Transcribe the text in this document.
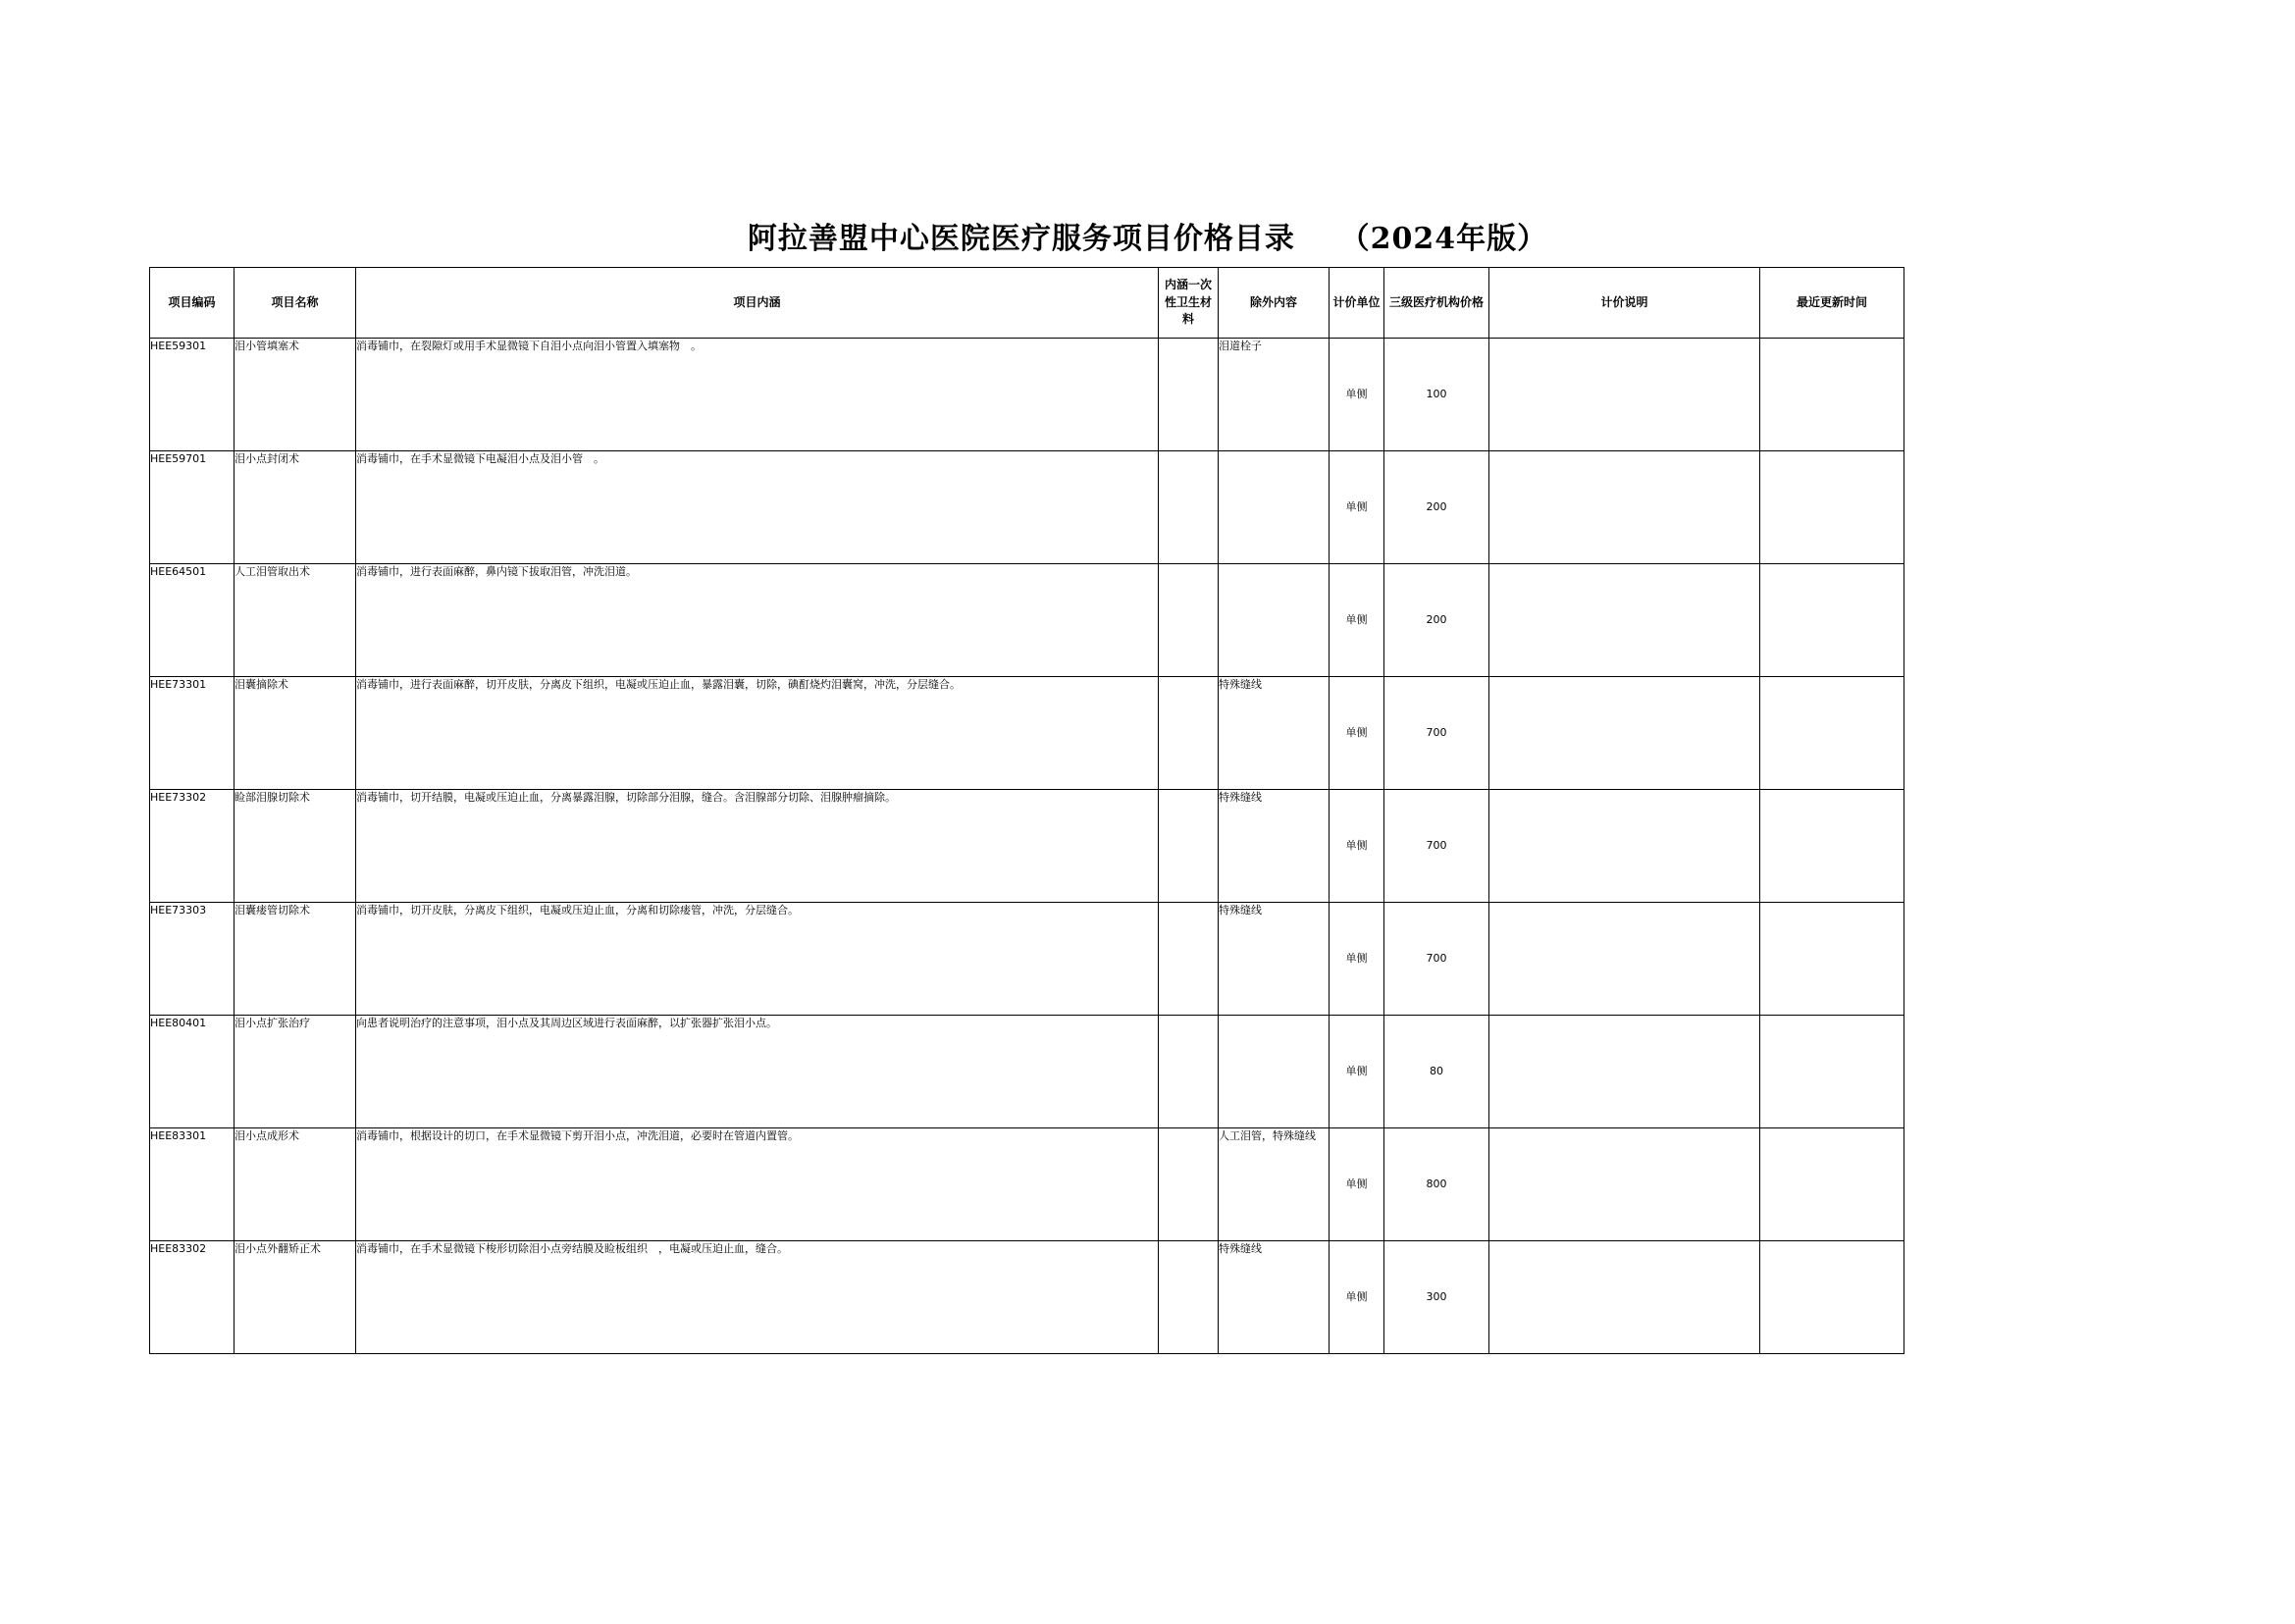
阿拉善盟中心医院医疗服务项目价格目录 （2024年版）
项目编码	项目名称	项目内涵	内涵一次性卫生材料	除外内容	计价单位	三级医疗机构价格	计价说明	最近更新时间
HEE59301	泪小管填塞术	消毒铺巾，在裂隙灯或用手术显微镜下自泪小点向泪小管置入填塞物　。		泪道栓子	单侧	100		
HEE59701	泪小点封闭术	消毒铺巾，在手术显微镜下电凝泪小点及泪小管　。			单侧	200		
HEE64501	人工泪管取出术	消毒铺巾，进行表面麻醉，鼻内镜下拔取泪管，冲洗泪道。			单侧	200		
HEE73301	泪囊摘除术	消毒铺巾，进行表面麻醉，切开皮肤，分离皮下组织，电凝或压迫止血，暴露泪囊，切除，碘酊烧灼泪囊窝，冲洗，分层缝合。		特殊缝线	单侧	700		
HEE73302	睑部泪腺切除术	消毒铺巾，切开结膜，电凝或压迫止血，分离暴露泪腺，切除部分泪腺，缝合。含泪腺部分切除、泪腺肿瘤摘除。		特殊缝线	单侧	700		
HEE73303	泪囊瘘管切除术	消毒铺巾，切开皮肤，分离皮下组织，电凝或压迫止血，分离和切除瘘管，冲洗，分层缝合。		特殊缝线	单侧	700		
HEE80401	泪小点扩张治疗	向患者说明治疗的注意事项，泪小点及其周边区域进行表面麻醉，以扩张器扩张泪小点。			单侧	80		
HEE83301	泪小点成形术	消毒铺巾，根据设计的切口，在手术显微镜下剪开泪小点，冲洗泪道，必要时在管道内置管。		人工泪管，特殊缝线	单侧	800		
HEE83302	泪小点外翻矫正术	消毒铺巾，在手术显微镜下梭形切除泪小点旁结膜及睑板组织　，电凝或压迫止血，缝合。		特殊缝线	单侧	300		
